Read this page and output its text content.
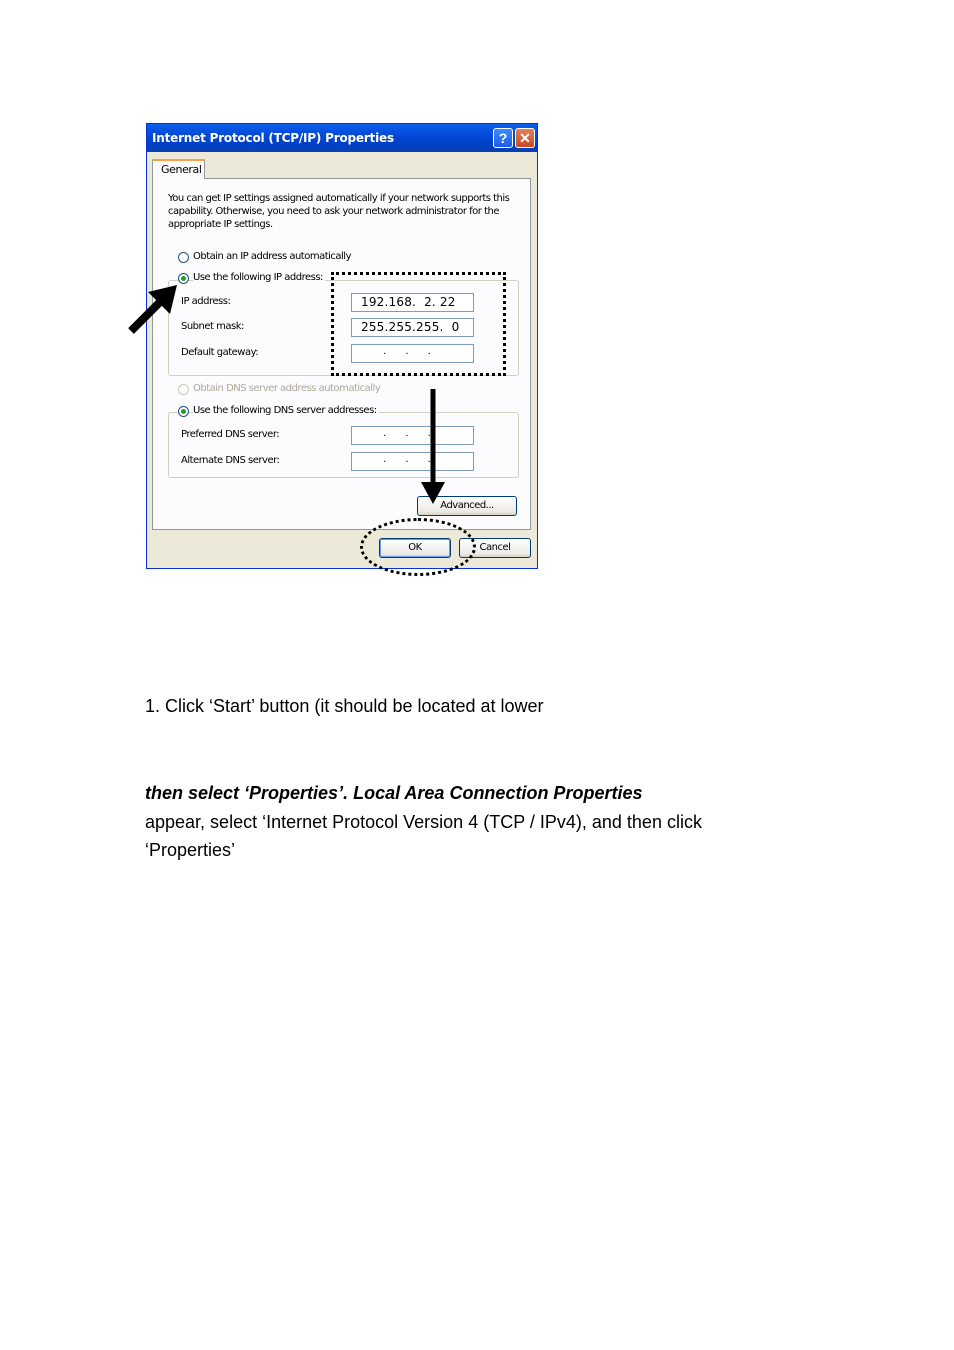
Internet Protocol (TCP/IP) Properties	? ✕
General
You can get IP settings assigned automatically if your network supports this capability. Otherwise, you need to ask your network administrator for the appropriate IP settings.
Obtain an IP address automatically
Use the following IP address:
IP address:	192.168.  2. 22
Subnet mask:	255.255.255.  0
Default gateway:	.      .      .
Obtain DNS server address automatically
Use the following DNS server addresses:
Preferred DNS server:	.      .      .
Alternate DNS server:	.      .      .
Advanced...
OK	Cancel
1. Click ‘Start’ button (it should be located at lower
then select ‘Properties’. Local Area Connection Properties
appear, select ‘Internet Protocol Version 4 (TCP / IPv4), and then click
‘Properties’
